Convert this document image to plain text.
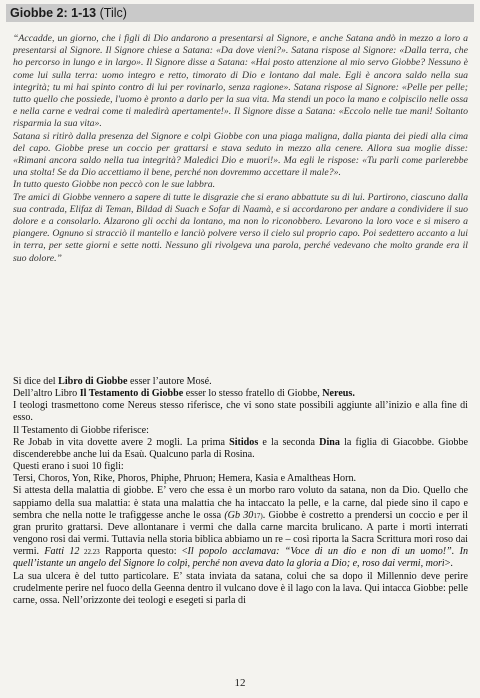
Giobbe 2: 1-13 (Tilc)

“Accadde, un giorno, che i figli di Dio andarono a presentarsi al Signore, e anche Satana andò in mezzo a loro a presentarsi al Signore. Il Signore chiese a Satana: «Da dove vieni?». Satana rispose al Signore: «Dalla terra, che ho percorso in lungo e in largo». Il Signore disse a Satana: «Hai posto attenzione al mio servo Giobbe? Nessuno è come lui sulla terra: uomo integro e retto, timorato di Dio e lontano dal male. Egli è ancora saldo nella sua integrità; tu mi hai spinto contro di lui per rovinarlo, senza ragione». Satana rispose al Signore: «Pelle per pelle; tutto quello che possiede, l'uomo è pronto a darlo per la sua vita. Ma stendi un poco la mano e colpiscilo nelle ossa e nella carne e vedrai come ti maledirà apertamente!». Il Signore disse a Satana: «Eccolo nelle tue mani! Soltanto risparmia la sua vita».

Satana si ritirò dalla presenza del Signore e colpì Giobbe con una piaga maligna, dalla pianta dei piedi alla cima del capo. Giobbe prese un coccio per grattarsi e stava seduto in mezzo alla cenere. Allora sua moglie disse: «Rimani ancora saldo nella tua integrità? Maledici Dio e muori!». Ma egli le rispose: «Tu parli come parlerebbe una stolta! Se da Dio accettiamo il bene, perché non dovremmo accettare il male?».

In tutto questo Giobbe non peccò con le sue labbra.

Tre amici di Giobbe vennero a sapere di tutte le disgrazie che si erano abbattute su di lui. Partirono, ciascuno dalla sua contrada, Elifaz di Teman, Bildad di Suach e Sofar di Naamà, e si accordarono per andare a condividere il suo dolore e a consolarlo. Alzarono gli occhi da lontano, ma non lo riconobbero. Levarono la loro voce e si misero a piangere. Ognuno si stracciò il mantello e lanciò polvere verso il cielo sul proprio capo. Poi sedettero accanto a lui in terra, per sette giorni e sette notti. Nessuno gli rivolgeva una parola, perché vedevano che molto grande era il suo dolore.”

Si dice del Libro di Giobbe esser l’autore Mosé.

Dell’altro Libro Il Testamento di Giobbe esser lo stesso fratello di Giobbe, Nereus.

I teologi trasmettono come Nereus stesso riferisce, che vi sono state possibili aggiunte all’inizio e alla fine di esso.

Il Testamento di Giobbe riferisce:

Re Jobab in vita dovette avere 2 mogli. La prima Sitidos e la seconda Dina la figlia di Giacobbe. Giobbe discenderebbe anche lui da Esaù. Qualcuno parla di Rosina.

Questi erano i suoi 10 figli:

Tersi, Choros, Yon, Rike, Phoros, Phiphe, Phruon; Hemera, Kasia e Amaltheas Horn.

Si attesta della malattia di giobbe. E’ vero che essa è un morbo raro voluto da satana, non da Dio. Quello che sappiamo della sua malattia: è stata una malattia che ha intaccato la pelle, e la carne, dal piede sino il capo e sembra che nella notte le trafiggesse anche le ossa (Gb 3017). Giobbe è costretto a prendersi un coccio e per il gran prurito grattarsi. Deve allontanare i vermi che dalla carne marcita brulicano. A parte i morti interrati vengono rosi dai vermi. Tuttavia nella storia biblica abbiamo un re – così riporta la Sacra Scrittura morì roso dai vermi. Fatti 12 22.23 Rapporta questo: <Il popolo acclamava: “Voce di un dio e non di un uomo!”. In quell’istante un angelo del Signore lo colpì, perché non aveva dato la gloria a Dio; e, roso dai vermi, morì>.

La sua ulcera è del tutto particolare. E’ stata inviata da satana, colui che sa dopo il Millennio deve perire crudelmente perire nel fuoco della Geenna dentro il vulcano dove è il lago con la lava. Qui intacca Giobbe: pelle carne, ossa. Nell’orizzonte dei teologi e esegeti si parla di

12
